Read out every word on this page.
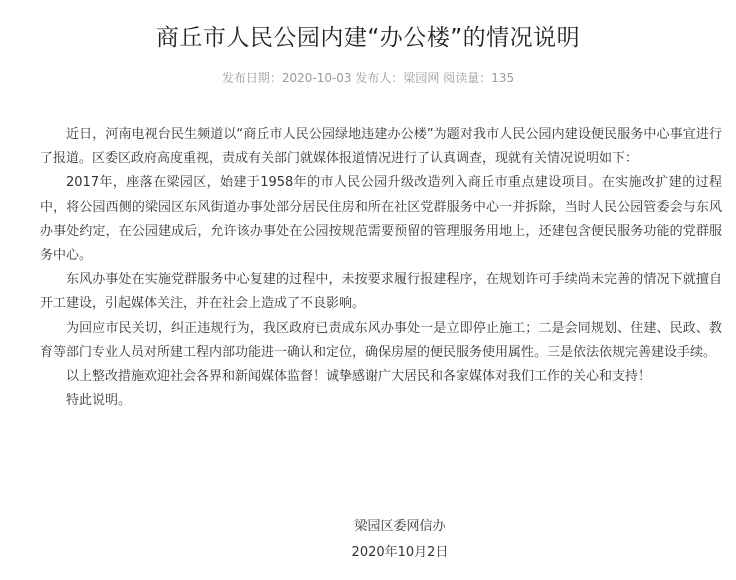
商丘市人民公园内建“办公楼”的情况说明
发布日期：2020-10-03 发布人：梁园网 阅读量：135

近日，河南电视台民生频道以“商丘市人民公园绿地违建办公楼”为题对我市人民公园内建设便民服务中心事宜进行了报道。区委区政府高度重视，责成有关部门就媒体报道情况进行了认真调查，现就有关情况说明如下：

2017年，座落在梁园区，始建于1958年的市人民公园升级改造列入商丘市重点建设项目。在实施改扩建的过程中，将公园西侧的梁园区东风街道办事处部分居民住房和所在社区党群服务中心一并拆除，当时人民公园管委会与东风办事处约定，在公园建成后，允许该办事处在公园按规范需要预留的管理服务用地上，还建包含便民服务功能的党群服务中心。

东风办事处在实施党群服务中心复建的过程中，未按要求履行报建程序，在规划许可手续尚未完善的情况下就擅自开工建设，引起媒体关注，并在社会上造成了不良影响。

为回应市民关切，纠正违规行为，我区政府已责成东风办事处一是立即停止施工；二是会同规划、住建、民政、教育等部门专业人员对所建工程内部功能进一确认和定位，确保房屋的便民服务使用属性。三是依法依规完善建设手续。

以上整改措施欢迎社会各界和新闻媒体监督！诚挚感谢广大居民和各家媒体对我们工作的关心和支持！

特此说明。

梁园区委网信办
2020年10月2日
